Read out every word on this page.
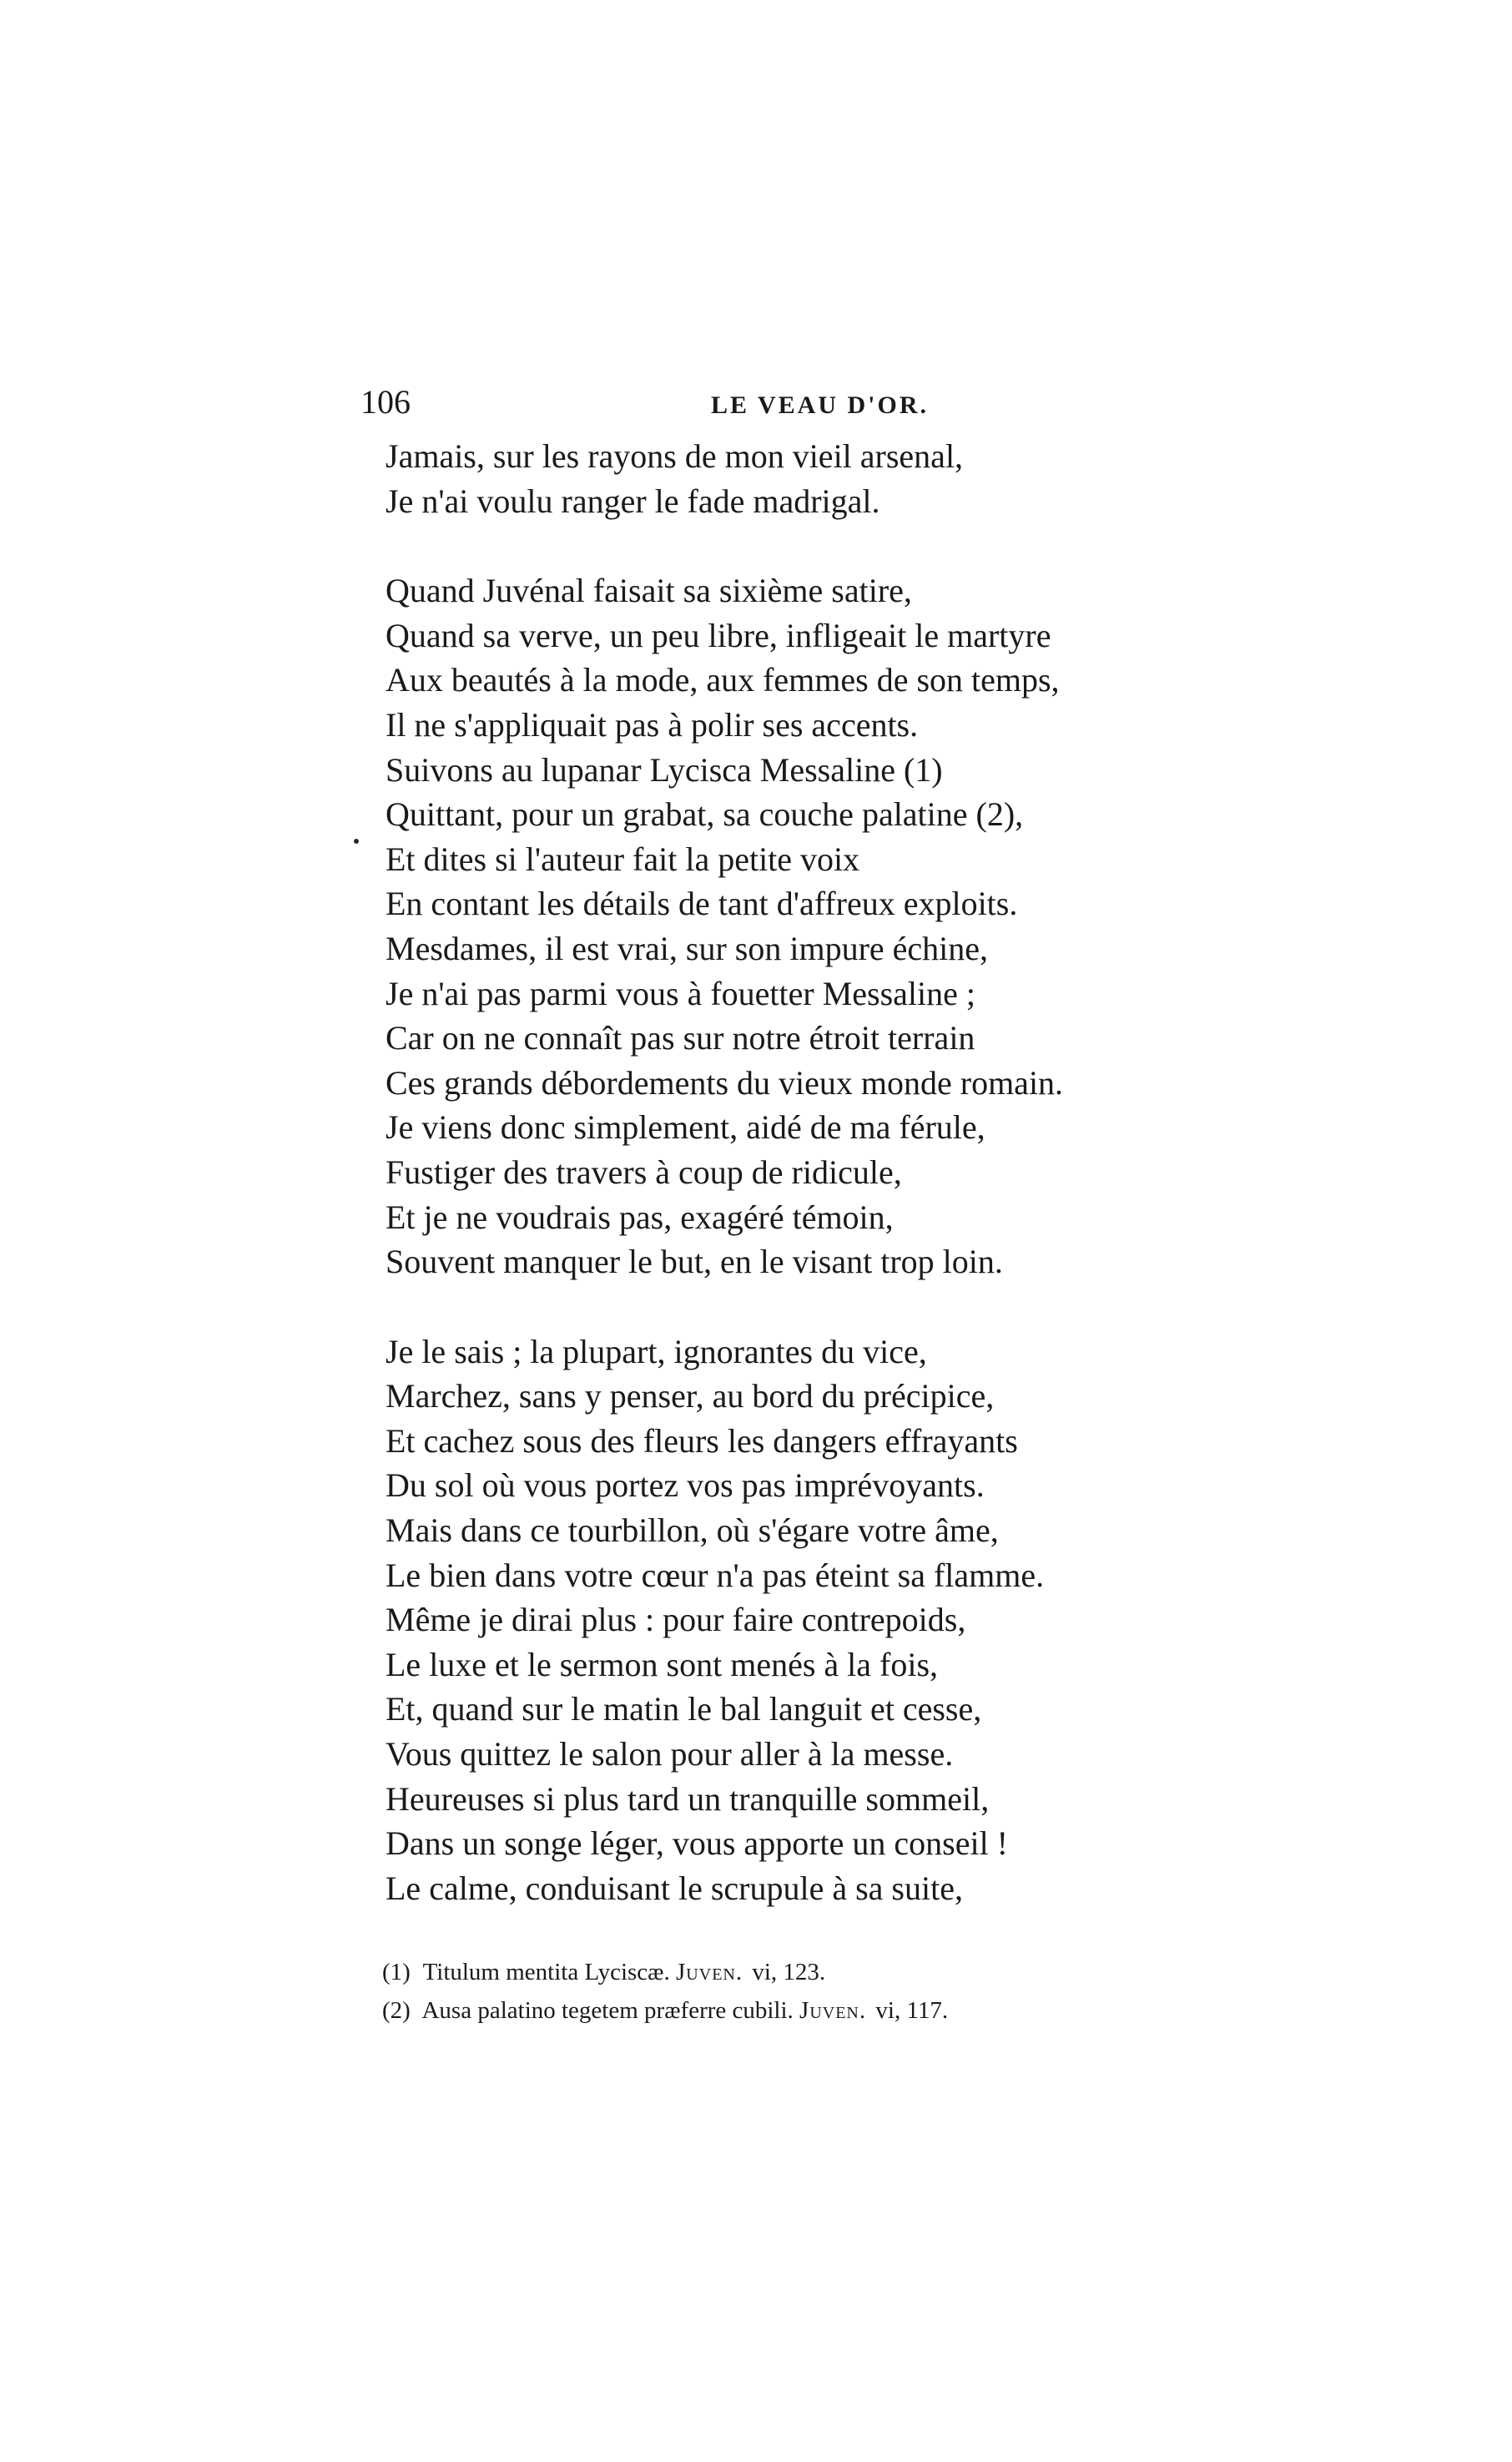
106	LE VEAU D'OR.
Jamais, sur les rayons de mon vieil arsenal,
Je n'ai voulu ranger le fade madrigal.
Quand Juvénal faisait sa sixième satire,
Quand sa verve, un peu libre, infligeait le martyre
Aux beautés à la mode, aux femmes de son temps,
Il ne s'appliquait pas à polir ses accents.
Suivons au lupanar Lycisca Messaline (1)
Quittant, pour un grabat, sa couche palatine (2),
Et dites si l'auteur fait la petite voix
En contant les détails de tant d'affreux exploits.
Mesdames, il est vrai, sur son impure échine,
Je n'ai pas parmi vous à fouetter Messaline ;
Car on ne connaît pas sur notre étroit terrain
Ces grands débordements du vieux monde romain.
Je viens donc simplement, aidé de ma férule,
Fustiger des travers à coup de ridicule,
Et je ne voudrais pas, exagéré témoin,
Souvent manquer le but, en le visant trop loin.
Je le sais ; la plupart, ignorantes du vice,
Marchez, sans y penser, au bord du précipice,
Et cachez sous des fleurs les dangers effrayants
Du sol où vous portez vos pas imprévoyants.
Mais dans ce tourbillon, où s'égare votre âme,
Le bien dans votre cœur n'a pas éteint sa flamme.
Même je dirai plus : pour faire contrepoids,
Le luxe et le sermon sont menés à la fois,
Et, quand sur le matin le bal languit et cesse,
Vous quittez le salon pour aller à la messe.
Heureuses si plus tard un tranquille sommeil,
Dans un songe léger, vous apporte un conseil !
Le calme, conduisant le scrupule à sa suite,
(1) Titulum mentita Lyciscæ. Juven. vi, 123.
(2) Ausa palatino tegetem præferre cubili. Juven. vi, 117.
